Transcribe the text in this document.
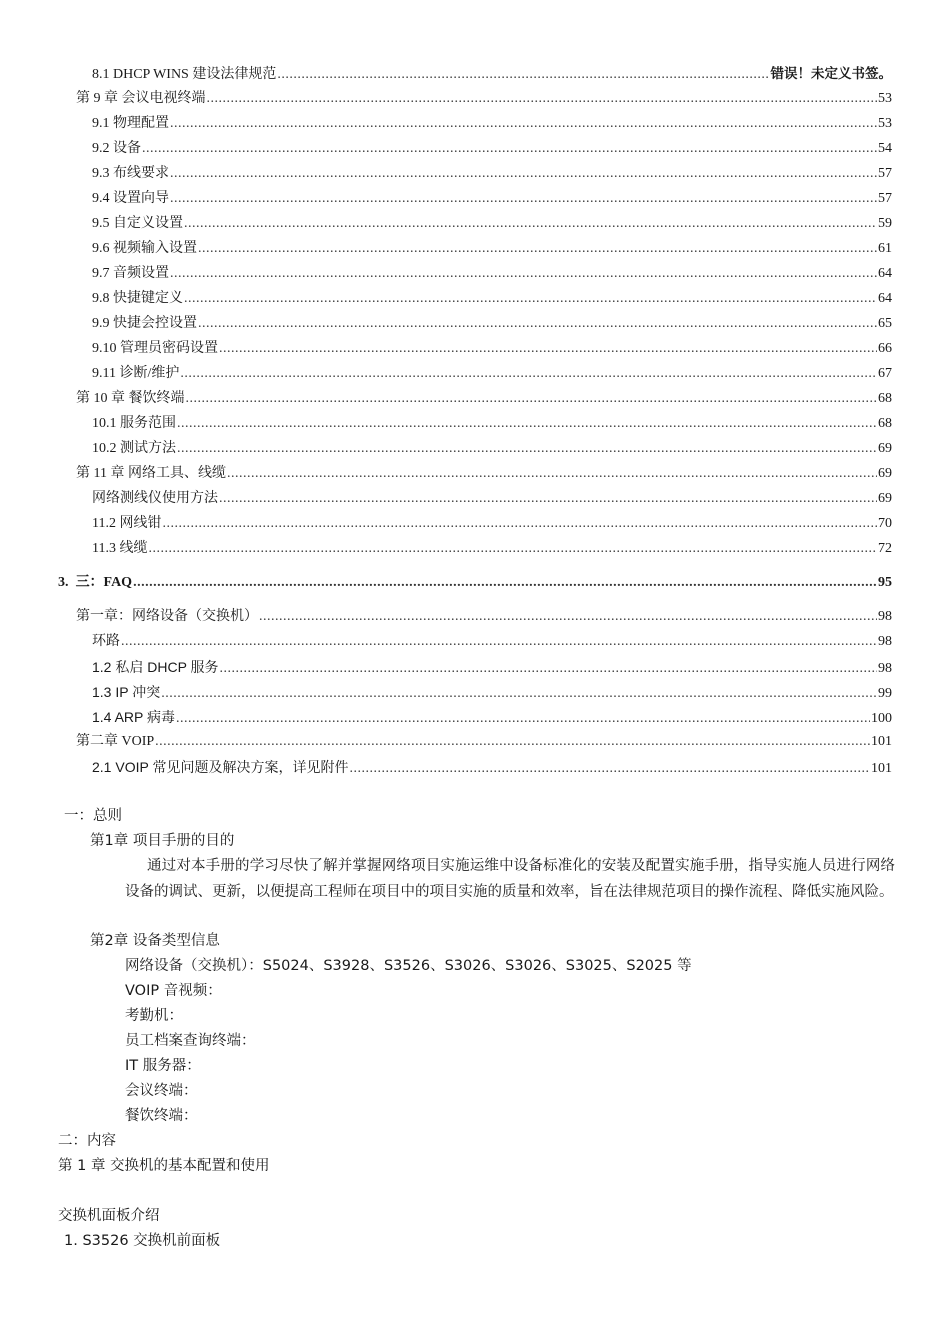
8.1 DHCP WINS 建设法律规范 .....	错误！未定义书签。
第 9 章 会议电视终端 .....	53
9.1 物理配置 .....	53
9.2 设备 .....	54
9.3 布线要求 .....	57
9.4 设置向导 .....	57
9.5 自定义设置 .....	59
9.6 视频输入设置 .....	61
9.7 音频设置 .....	64
9.8 快捷键定义 .....	64
9.9 快捷会控设置 .....	65
9.10 管理员密码设置 .....	66
9.11 诊断/维护 .....	67
第 10 章 餐饮终端 .....	68
10.1 服务范围 .....	68
10.2 测试方法 .....	69
第 11 章 网络工具、线缆 .....	69
网络测线仪使用方法 .....	69
11.2 网线钳 .....	70
11.3 线缆 .....	72
3. 三：FAQ .....	95
第一章：网络设备（交换机） .....	98
环路 .....	98
1.2 私启 DHCP 服务 .....	98
1.3 IP 冲突 .....	99
1.4 ARP 病毒 .....	100
第二章 VOIP .....	101
2.1 VOIP 常见问题及解决方案，详见附件 .....	101
一：总则
第1章 项目手册的目的
通过对本手册的学习尽快了解并掌握网络项目实施运维中设备标准化的安装及配置实施手册，指导实施人员进行网络设备的调试、更新，以便提高工程师在项目中的项目实施的质量和效率，旨在法律规范项目的操作流程、降低实施风险。
第2章 设备类型信息
网络设备（交换机）：S5024、S3928、S3526、S3026、S3026、S3025、S2025 等
VOIP 音视频：
考勤机：
员工档案查询终端：
IT 服务器：
会议终端：
餐饮终端：
二：内容
第 1 章 交换机的基本配置和使用
交换机面板介绍
1. S3526 交换机前面板
